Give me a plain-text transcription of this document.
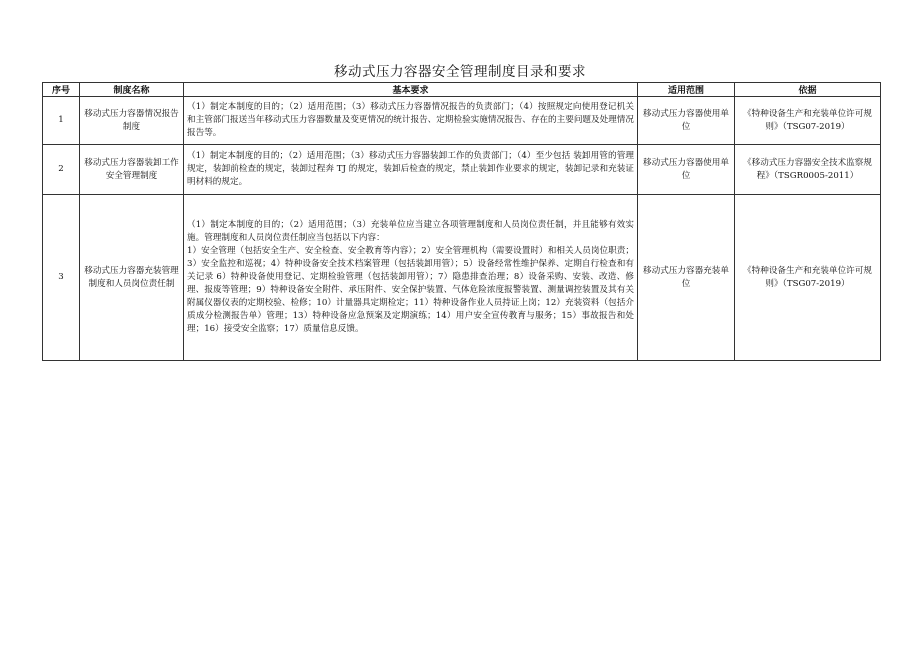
移动式压力容器安全管理制度目录和要求
序号	制度名称	基本要求	适用范围	依据
1	移动式压力容器情况报告制度	（1）制定本制度的目的；（2）适用范围；（3）移动式压力容器情况报告的负责部门；（4）按照规定向使用登记机关和主管部门报送当年移动式压力容器数量及变更情况的统计报告、定期检验实施情况报告、存在的主要问题及处理情况报告等。	移动式压力容器使用单位	《特种设备生产和充装单位许可规则》（TSG07-2019）
2	移动式压力容器装卸工作安全管理制度	（1）制定本制度的目的；（2）适用范围；（3）移动式压力容器装卸工作的负责部门；（4）至少包括 装卸用管的管理规定，装卸前检查的规定，装卸过程奔 TJ 的规定，装卸后检查的规定，禁止装卸作业要求的规定，装卸记录和充装证明材料的规定。	移动式压力容器使用单位	《移动式压力容器安全技术监察规程》（TSGR0005-2011）
3	移动式压力容器充装管理制度和人员岗位责任制	（1）制定本制度的目的；（2）适用范围；（3）充装单位应当建立各项管理制度和人员岗位责任制，并且能够有效实施。管理制度和人员岗位责任制应当包括以下内容：
1）安全管理（包括安全生产、安全检查、安全教育等内容）；2）安全管理机构（需要设置时）和相关人员岗位职责；3）安全监控和巡视；4）特种设备安全技术档案管理（包括装卸用管）；5）设备经常性维护保养、定期自行检查和有关记录 6）特种设备使用登记、定期检验管理（包括装卸用管）；7）隐患排查治理；8）设备采购、安装、改造、修理、报废等管理；9）特种设备安全附件、承压附件、安全保护装置、气体危险浓度报警装置、测量调控装置及其有关附属仪器仪表的定期校验、检修；10）计量器具定期检定；11）特种设备作业人员持证上岗；12）充装资料（包括介质成分检测报告单）管理；13）特种设备应急预案及定期演练；14）用户安全宣传教育与服务；15）事故报告和处理；16）接受安全监察；17）质量信息反馈。	移动式压力容器充装单位	《特种设备生产和充装单位许可规则》（TSG07-2019）
